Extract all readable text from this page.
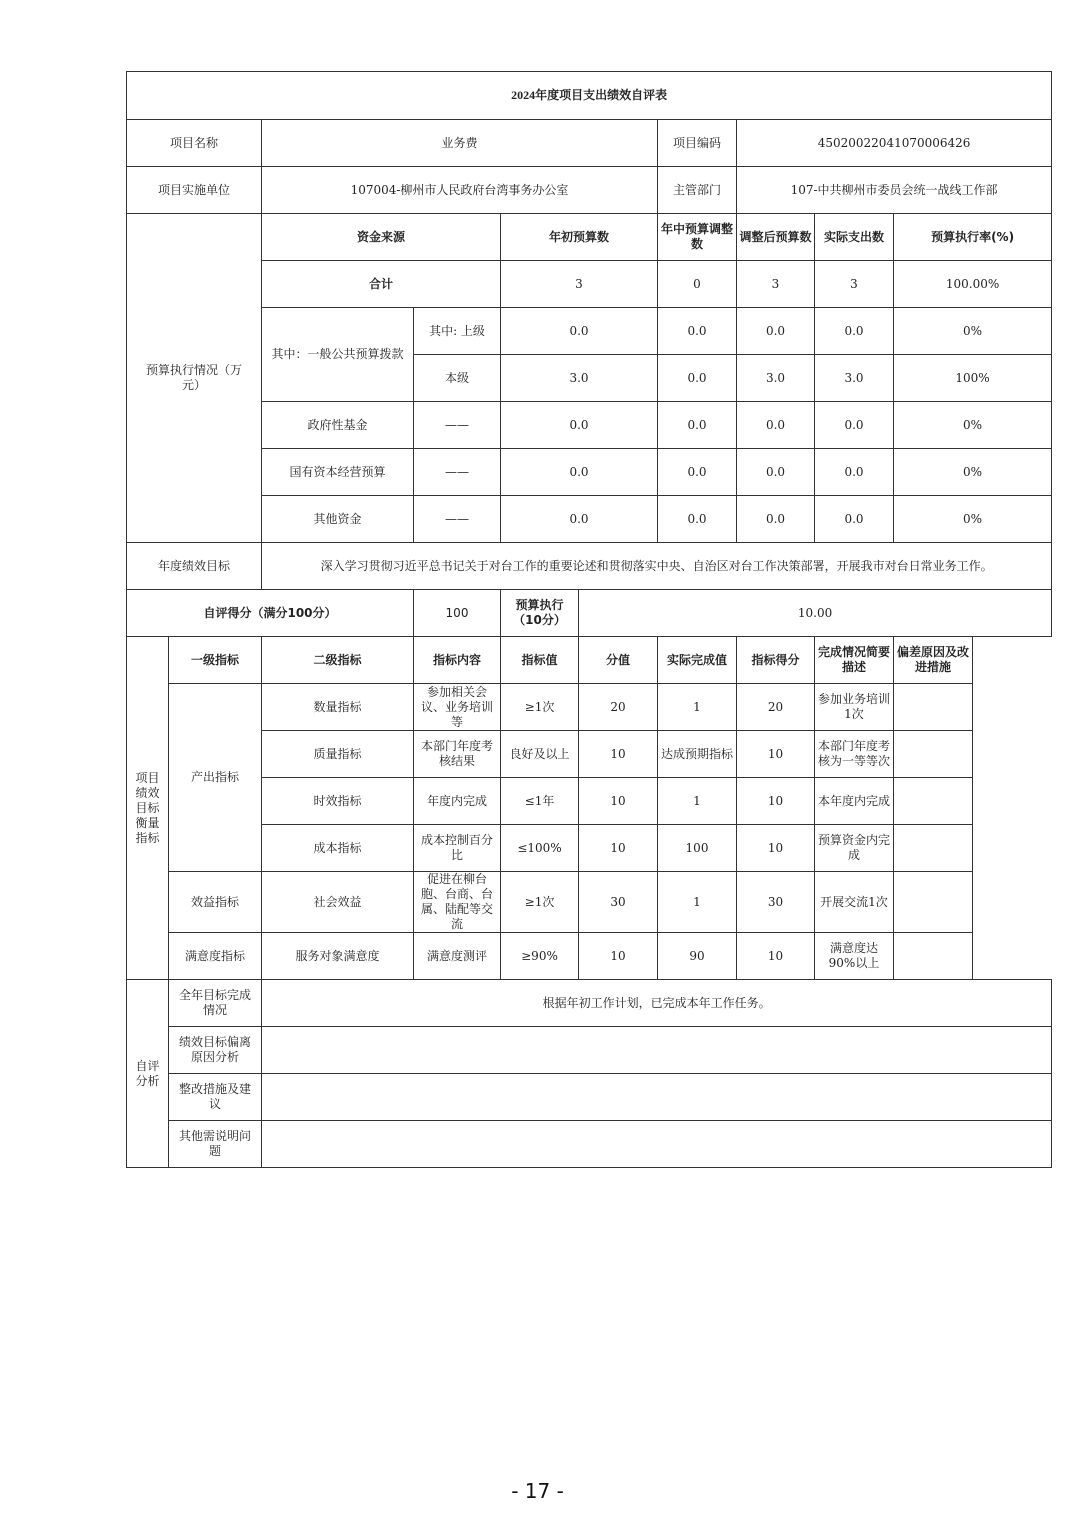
2024年度项目支出绩效自评表									
项目名称		业务费				项目编码	45020022041070006426		
项目实施单位		107004-柳州市人民政府台湾事务办公室				主管部门	107-中共柳州市委员会统一战线工作部		
预算执行情况（万元）		资金来源		年初预算数		年中预算调整数	调整后预算数	实际支出数	预算执行率(%)
		合计		3		0	3	3	100.00%
		其中：一般公共预算拨款	其中: 上级	0.0		0.0	0.0	0.0	0%
			本级	3.0		0.0	3.0	3.0	100%
		政府性基金	——	0.0		0.0	0.0	0.0	0%
		国有资本经营预算	——	0.0		0.0	0.0	0.0	0%
		其他资金	——	0.0		0.0	0.0	0.0	0%
年度绩效目标		深入学习贯彻习近平总书记关于对台工作的重要论述和贯彻落实中央、自治区对台工作决策部署，开展我市对台日常业务工作。							
自评得分（满分100分）			100	预算执行（10分）	10.00				
项目绩效目标衡量指标	一级指标	二级指标	指标内容	指标值	分值	实际完成值	指标得分	完成情况简要描述	偏差原因及改进措施
	产出指标	数量指标	参加相关会议、业务培训等	≥1次	20	1	20	参加业务培训1次	
		质量指标	本部门年度考核结果	良好及以上	10	达成预期指标	10	本部门年度考核为一等等次	
		时效指标	年度内完成	≤1年	10	1	10	本年度内完成	
		成本指标	成本控制百分比	≤100%	10	100	10	预算资金内完成	
	效益指标	社会效益	促进在柳台胞、台商、台属、陆配等交流	≥1次	30	1	30	开展交流1次	
	满意度指标	服务对象满意度	满意度测评	≥90%	10	90	10	满意度达90%以上	
自评分析	全年目标完成情况	根据年初工作计划，已完成本年工作任务。							
	绩效目标偏离原因分析								
	整改措施及建议								
	其他需说明问题								
- 17 -
